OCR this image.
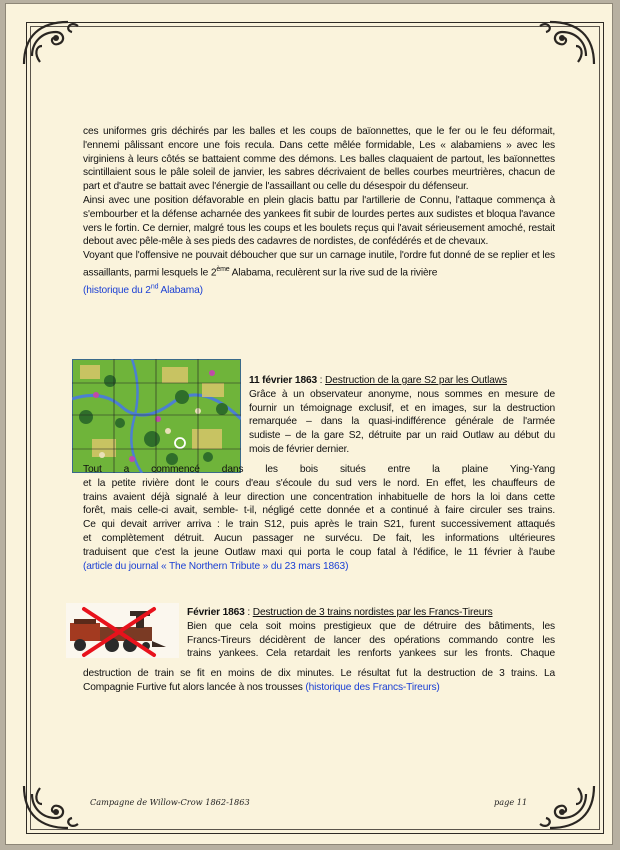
ces uniformes gris déchirés par les balles et les coups de baïonnettes, que le fer ou le feu déformait, l'ennemi pâlissant encore une fois recula. Dans cette mêlée formidable, Les « alabamiens » avec les virginiens à leurs côtés se battaient comme des démons. Les balles claquaient de partout, les baïonnettes scintillaient sous le pâle soleil de janvier, les sabres décrivaient de belles courbes meurtrières, chacun de part et d'autre se battait avec l'énergie de l'assaillant ou celle du désespoir du défenseur.

Ainsi avec une position défavorable en plein glacis battu par l'artillerie de Connu, l'attaque commença à s'embourber et la défense acharnée des yankees fit subir de lourdes pertes aux sudistes et bloqua l'avance vers le fortin. Ce dernier, malgré tous les coups et les boulets reçus qui l'avait sérieusement amoché, restait debout avec pêle-mêle à ses pieds des cadavres de nordistes, de confédérés et de chevaux.

Voyant que l'offensive ne pouvait déboucher que sur un carnage inutile, l'ordre fut donné de se replier et les assaillants, parmi lesquels le 2ème Alabama, reculèrent sur la rive sud de la rivière
(historique du 2nd Alabama)

11 février 1863 : Destruction de la gare S2 par les Outlaws

Grâce à un observateur anonyme, nous sommes en mesure de

fournir un témoignage exclusif, et en images, sur la destruction

remarquée – dans la quasi-indifférence générale de l'armée

sudiste – de la gare S2, détruite par un raid Outlaw au début du

mois de février dernier.

Tout a commencé dans les bois situés entre la plaine Ying-Yang

et la petite rivière dont le cours d'eau s'écoule du sud vers le nord. En effet, les chauffeurs de

trains avaient déjà signalé à leur direction une concentration inhabituelle de hors la loi dans cette

forêt, mais celle-ci avait, semble- t-il, négligé cette donnée et a continué à faire circuler ses trains.

Ce qui devait arriver arriva : le train S12, puis après le train S21, furent successivement attaqués

et complètement détruit. Aucun passager ne survécu. De fait, les informations ultérieures

traduisent que c'est la jeune Outlaw maxi qui porta le coup fatal à l'édifice, le 11 février à l'aube

(article du journal « The Northern Tribute » du 23 mars 1863)

Février 1863 : Destruction de 3 trains nordistes par les Francs-Tireurs

Bien que cela soit moins prestigieux que de détruire des bâtiments, les

Francs-Tireurs décidèrent de lancer des opérations commando contre les

trains yankees. Cela retardait les renforts yankees sur les fronts. Chaque

destruction de train se fit en moins de dix minutes. Le résultat fut la destruction de 3 trains. La

Compagnie Furtive fut alors lancée à nos trousses (historique des Francs-Tireurs)

Campagne de Willow-Crow 1862-1863	page 11
